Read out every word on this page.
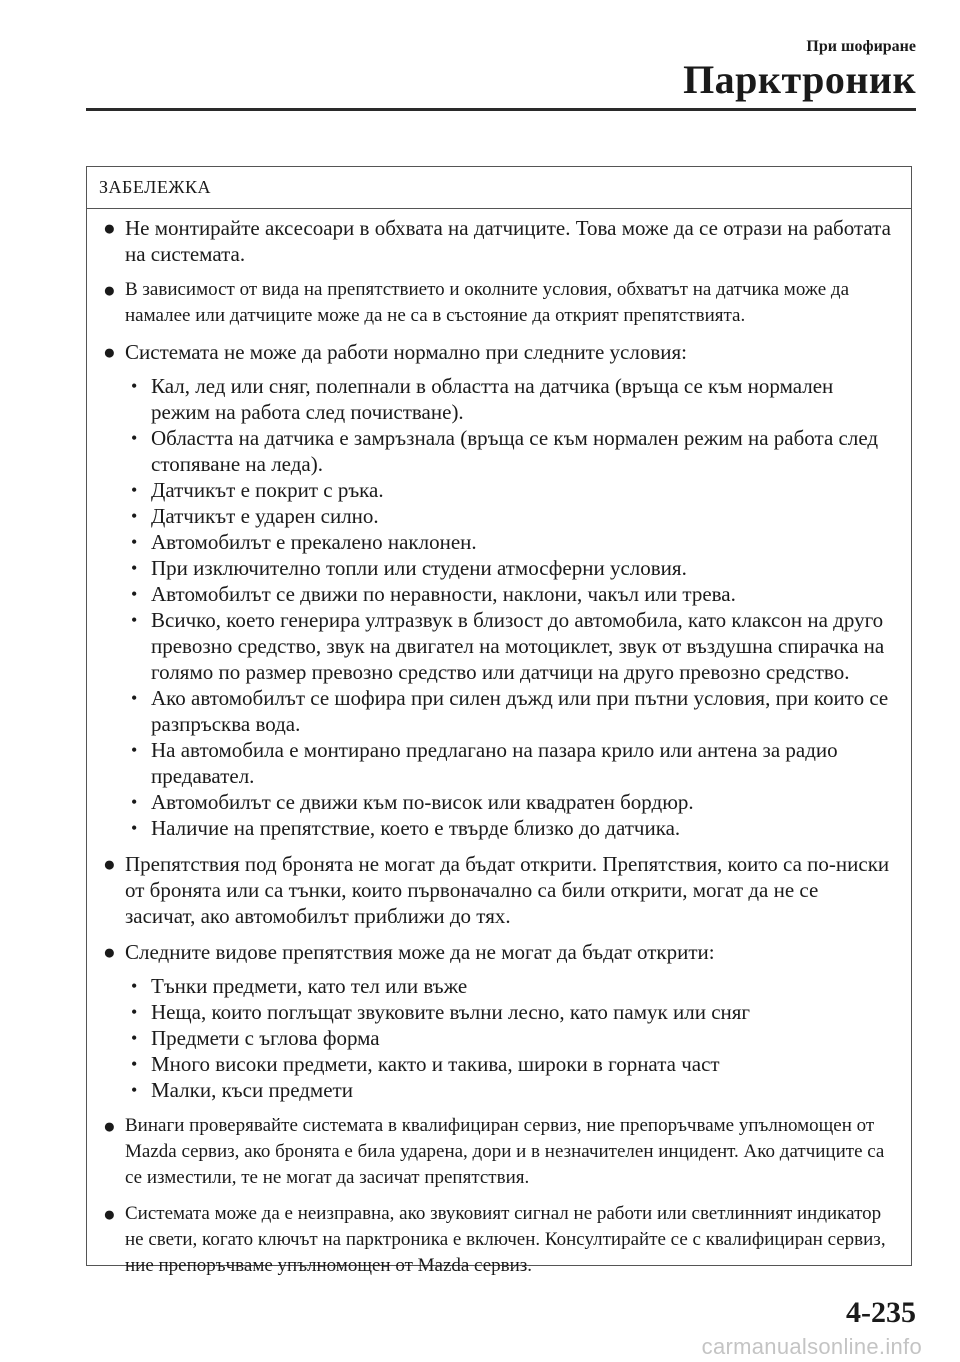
При шофиране
Парктроник
ЗАБЕЛЕЖКА
● Не монтирайте аксесоари в обхвата на датчиците. Това може да се отрази на работата на системата.
● В зависимост от вида на препятствието и околните условия, обхватът на датчика може да намалее или датчиците може да не са в състояние да открият препятствията.
● Системата не може да работи нормално при следните условия:
• Кал, лед или сняг, полепнали в областта на датчика (връща се към нормален режим на работа след почистване).
• Областта на датчика е замръзнала (връща се към нормален режим на работа след стопяване на леда).
• Датчикът е покрит с ръка.
• Датчикът е ударен силно.
• Автомобилът е прекалено наклонен.
• При изключително топли или студени атмосферни условия.
• Автомобилът се движи по неравности, наклони, чакъл или трева.
• Всичко, което генерира ултразвук в близост до автомобила, като клаксон на друго превозно средство, звук на двигател на мотоциклет, звук от въздушна спирачка на голямо по размер превозно средство или датчици на друго превозно средство.
• Ако автомобилът се шофира при силен дъжд или при пътни условия, при които се разпръсква вода.
• На автомобила е монтирано предлагано на пазара крило или антена за радио предавател.
• Автомобилът се движи към по-висок или квадратен бордюр.
• Наличие на препятствие, което е твърде близко до датчика.
● Препятствия под бронята не могат да бъдат открити. Препятствия, които са по-ниски от бронята или са тънки, които първоначално са били открити, могат да не се засичат, ако автомобилът приближи до тях.
● Следните видове препятствия може да не могат да бъдат открити:
• Тънки предмети, като тел или въже
• Неща, които поглъщат звуковите вълни лесно, като памук или сняг
• Предмети с ъглова форма
• Много високи предмети, както и такива, широки в горната част
• Малки, къси предмети
● Винаги проверявайте системата в квалифициран сервиз, ние препоръчваме упълномощен от Mazda сервиз, ако бронята е била ударена, дори и в незначителен инцидент. Ако датчиците са се изместили, те не могат да засичат препятствия.
● Системата може да е неизправна, ако звуковият сигнал не работи или светлинният индикатор не свети, когато ключът на парктроника е включен. Консултирайте се с квалифициран сервиз, ние препоръчваме упълномощен от Mazda сервиз.
4-235
carmanualsonline.info
